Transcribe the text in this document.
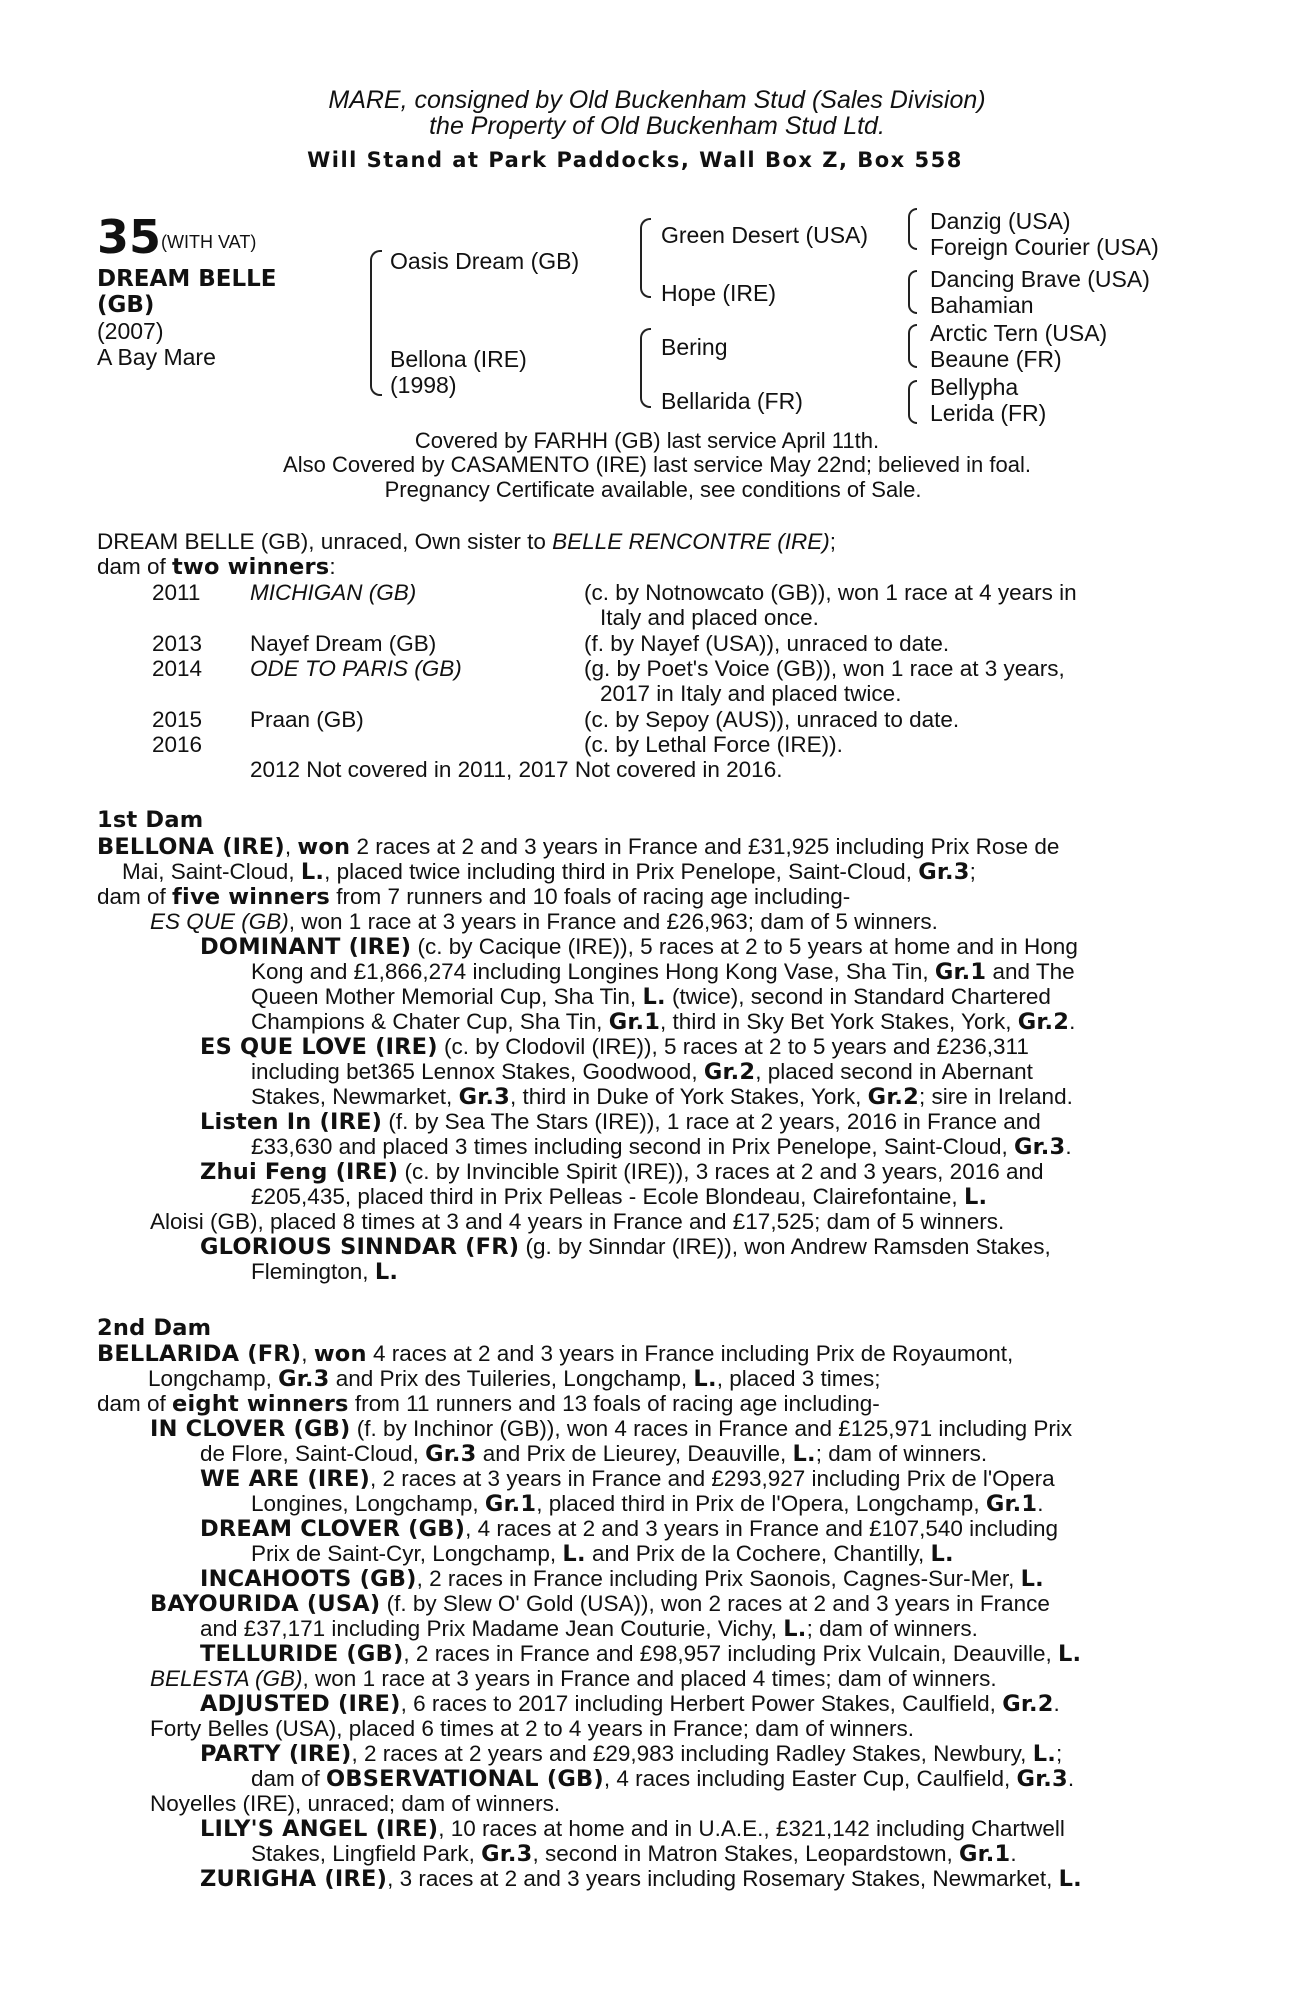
MARE, consigned by Old Buckenham Stud (Sales Division)
the Property of Old Buckenham Stud Ltd.
Will Stand at Park Paddocks, Wall Box Z, Box 558
35 (WITH VAT)
DREAM BELLE
(GB)
(2007)
A Bay Mare
Oasis Dream (GB)
Bellona (IRE)
(1998)
Green Desert (USA)
Hope (IRE)
Bering
Bellarida (FR)
Danzig (USA)
Foreign Courier (USA)
Dancing Brave (USA)
Bahamian
Arctic Tern (USA)
Beaune (FR)
Bellypha
Lerida (FR)
Covered by FARHH (GB) last service April 11th.
Also Covered by CASAMENTO (IRE) last service May 22nd; believed in foal.
Pregnancy Certificate available, see conditions of Sale.
DREAM BELLE (GB), unraced, Own sister to BELLE RENCONTRE (IRE);
dam of two winners:
2011 MICHIGAN (GB)	(c. by Notnowcato (GB)), won 1 race at 4 years in
Italy and placed once.
2013 Nayef Dream (GB)	(f. by Nayef (USA)), unraced to date.
2014 ODE TO PARIS (GB)	(g. by Poet's Voice (GB)), won 1 race at 3 years,
2017 in Italy and placed twice.
2015 Praan (GB)	(c. by Sepoy (AUS)), unraced to date.
2016	(c. by Lethal Force (IRE)).
2012 Not covered in 2011, 2017 Not covered in 2016.
1st Dam
BELLONA (IRE), won 2 races at 2 and 3 years in France and £31,925 including Prix Rose de
Mai, Saint-Cloud, L., placed twice including third in Prix Penelope, Saint-Cloud, Gr.3;
dam of five winners from 7 runners and 10 foals of racing age including-
ES QUE (GB), won 1 race at 3 years in France and £26,963; dam of 5 winners.
DOMINANT (IRE) (c. by Cacique (IRE)), 5 races at 2 to 5 years at home and in Hong
Kong and £1,866,274 including Longines Hong Kong Vase, Sha Tin, Gr.1 and The
Queen Mother Memorial Cup, Sha Tin, L. (twice), second in Standard Chartered
Champions & Chater Cup, Sha Tin, Gr.1, third in Sky Bet York Stakes, York, Gr.2.
ES QUE LOVE (IRE) (c. by Clodovil (IRE)), 5 races at 2 to 5 years and £236,311
including bet365 Lennox Stakes, Goodwood, Gr.2, placed second in Abernant
Stakes, Newmarket, Gr.3, third in Duke of York Stakes, York, Gr.2; sire in Ireland.
Listen In (IRE) (f. by Sea The Stars (IRE)), 1 race at 2 years, 2016 in France and
£33,630 and placed 3 times including second in Prix Penelope, Saint-Cloud, Gr.3.
Zhui Feng (IRE) (c. by Invincible Spirit (IRE)), 3 races at 2 and 3 years, 2016 and
£205,435, placed third in Prix Pelleas - Ecole Blondeau, Clairefontaine, L.
Aloisi (GB), placed 8 times at 3 and 4 years in France and £17,525; dam of 5 winners.
GLORIOUS SINNDAR (FR) (g. by Sinndar (IRE)), won Andrew Ramsden Stakes,
Flemington, L.
2nd Dam
BELLARIDA (FR), won 4 races at 2 and 3 years in France including Prix de Royaumont,
Longchamp, Gr.3 and Prix des Tuileries, Longchamp, L., placed 3 times;
dam of eight winners from 11 runners and 13 foals of racing age including-
IN CLOVER (GB) (f. by Inchinor (GB)), won 4 races in France and £125,971 including Prix
de Flore, Saint-Cloud, Gr.3 and Prix de Lieurey, Deauville, L.; dam of winners.
WE ARE (IRE), 2 races at 3 years in France and £293,927 including Prix de l'Opera
Longines, Longchamp, Gr.1, placed third in Prix de l'Opera, Longchamp, Gr.1.
DREAM CLOVER (GB), 4 races at 2 and 3 years in France and £107,540 including
Prix de Saint-Cyr, Longchamp, L. and Prix de la Cochere, Chantilly, L.
INCAHOOTS (GB), 2 races in France including Prix Saonois, Cagnes-Sur-Mer, L.
BAYOURIDA (USA) (f. by Slew O' Gold (USA)), won 2 races at 2 and 3 years in France
and £37,171 including Prix Madame Jean Couturie, Vichy, L.; dam of winners.
TELLURIDE (GB), 2 races in France and £98,957 including Prix Vulcain, Deauville, L.
BELESTA (GB), won 1 race at 3 years in France and placed 4 times; dam of winners.
ADJUSTED (IRE), 6 races to 2017 including Herbert Power Stakes, Caulfield, Gr.2.
Forty Belles (USA), placed 6 times at 2 to 4 years in France; dam of winners.
PARTY (IRE), 2 races at 2 years and £29,983 including Radley Stakes, Newbury, L.;
dam of OBSERVATIONAL (GB), 4 races including Easter Cup, Caulfield, Gr.3.
Noyelles (IRE), unraced; dam of winners.
LILY'S ANGEL (IRE), 10 races at home and in U.A.E., £321,142 including Chartwell
Stakes, Lingfield Park, Gr.3, second in Matron Stakes, Leopardstown, Gr.1.
ZURIGHA (IRE), 3 races at 2 and 3 years including Rosemary Stakes, Newmarket, L.
